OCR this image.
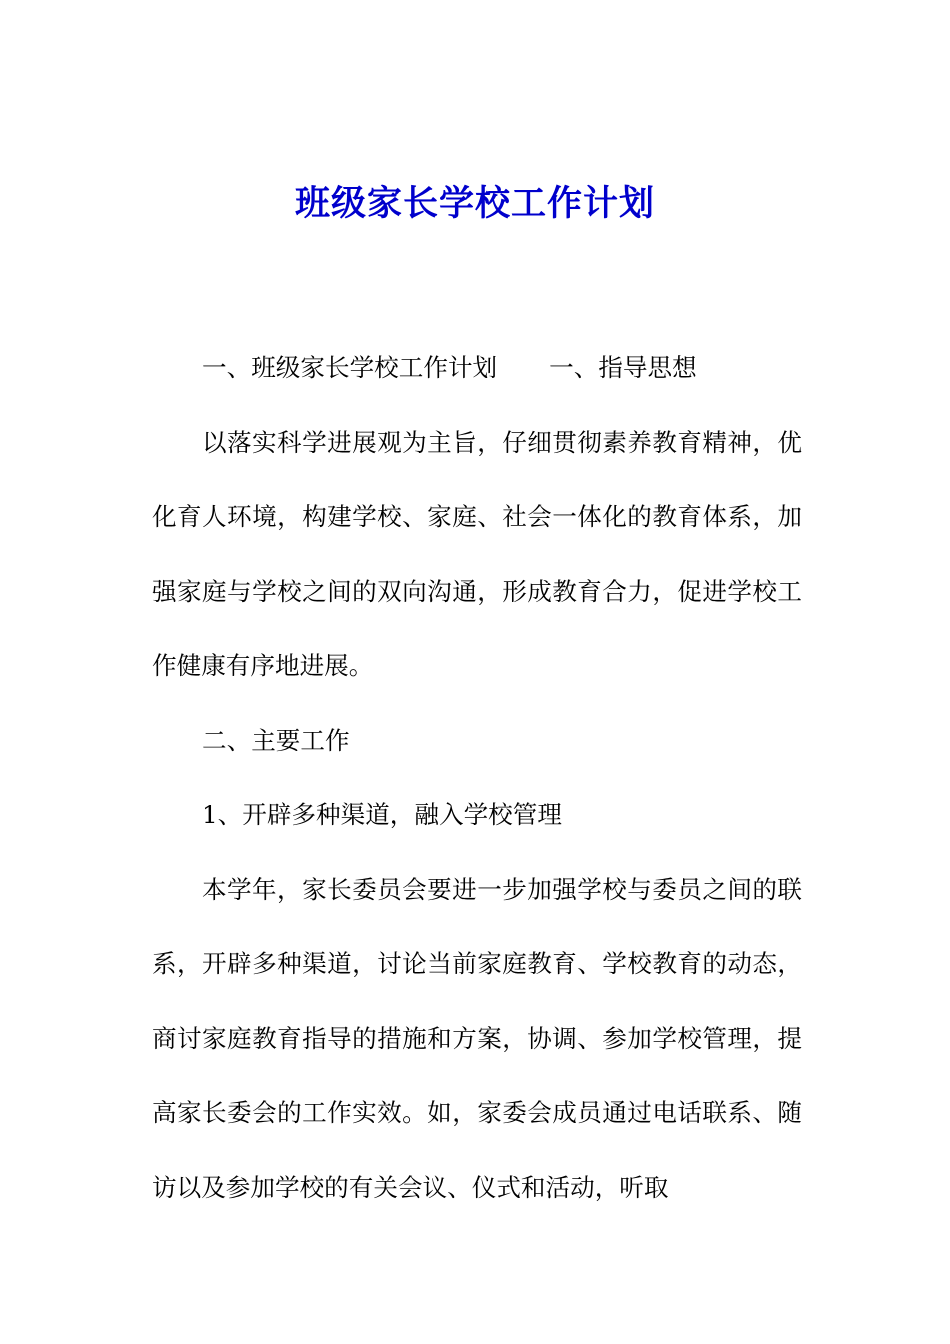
班级家长学校工作计划

一、班级家长学校工作计划 一、指导思想

以落实科学进展观为主旨，仔细贯彻素养教育精神，优化育人环境，构建学校、家庭、社会一体化的教育体系，加强家庭与学校之间的双向沟通，形成教育合力，促进学校工作健康有序地进展。

二、主要工作

1、开辟多种渠道，融入学校管理

本学年，家长委员会要进一步加强学校与委员之间的联系，开辟多种渠道，讨论当前家庭教育、学校教育的动态，商讨家庭教育指导的措施和方案，协调、参加学校管理，提高家长委会的工作实效。如，家委会成员通过电话联系、随访以及参加学校的有关会议、仪式和活动，听取
